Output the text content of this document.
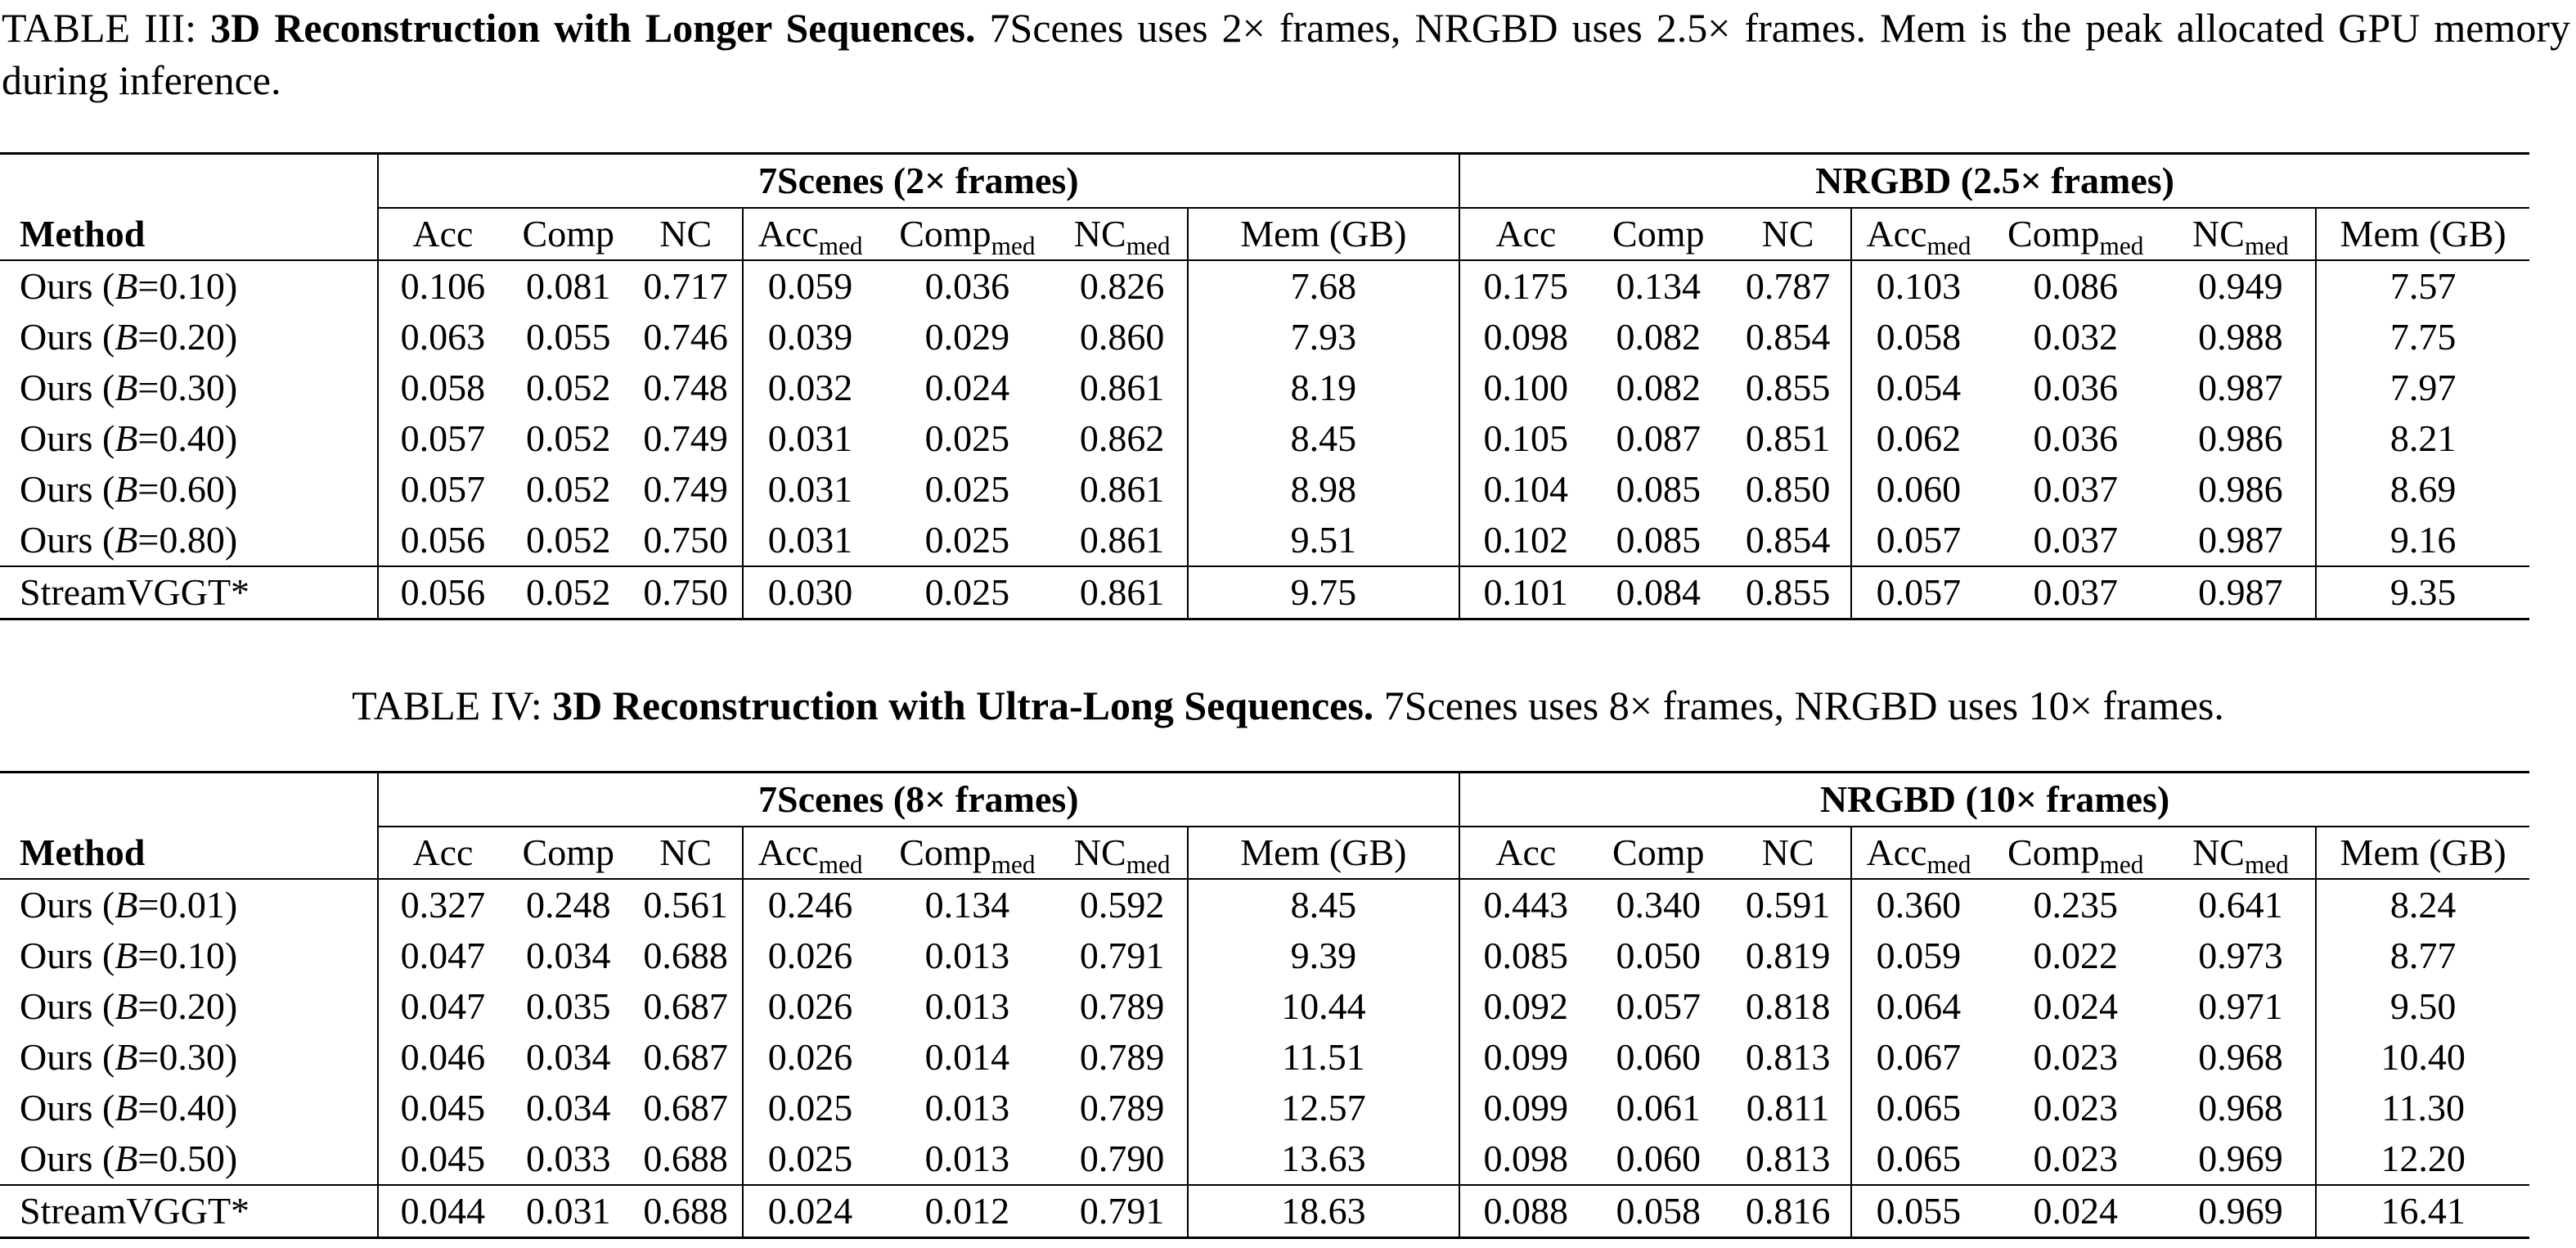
TABLE III: 3D Reconstruction with Longer Sequences. 7Scenes uses 2× frames, NRGBD uses 2.5× frames. Mem is the peak allocated GPU memory during inference.
	7Scenes (2× frames)							NRGBD (2.5× frames)						
Method	Acc	Comp	NC	Acc$_{med}$	Comp$_{med}$	$NC_{med}$	Mem (GB)	Acc	Comp	NC	Acc$_{med}$	Comp$_{med}$	$NC_{med}$	Mem (GB)
Ours (B=0.10)	0.106	0.081	0.717	0.059	0.036	0.826	7.68	0.175	0.134	0.787	0.103	0.086	0.949	7.57
Ours (B=0.20)	0.063	0.055	0.746	0.039	0.029	0.860	7.93	0.098	0.082	0.854	0.058	0.032	0.988	7.75
Ours (B=0.30)	0.058	0.052	0.748	0.032	0.024	0.861	8.19	0.100	0.082	0.855	0.054	0.036	0.987	7.97
Ours (B=0.40)	0.057	0.052	0.749	0.031	0.025	0.862	8.45	0.105	0.087	0.851	0.062	0.036	0.986	8.21
Ours (B=0.60)	0.057	0.052	0.749	0.031	0.025	0.861	8.98	0.104	0.085	0.850	0.060	0.037	0.986	8.69
Ours (B=0.80)	0.056	0.052	0.750	0.031	0.025	0.861	9.51	0.102	0.085	0.854	0.057	0.037	0.987	9.16
StreamVGGT*	0.056	0.052	0.750	0.030	0.025	0.861	9.75	0.101	0.084	0.855	0.057	0.037	0.987	9.35
TABLE IV: 3D Reconstruction with Ultra-Long Sequences. 7Scenes uses 8× frames, NRGBD uses 10× frames.
	7Scenes (8× frames)							NRGBD (10× frames)						
Method	Acc	Comp	NC	Acc$_{med}$	Comp$_{med}$	$NC_{med}$	Mem (GB)	Acc	Comp	NC	Acc$_{med}$	Comp$_{med}$	$NC_{med}$	Mem (GB)
Ours (B=0.01)	0.327	0.248	0.561	0.246	0.134	0.592	8.45	0.443	0.340	0.591	0.360	0.235	0.641	8.24
Ours (B=0.10)	0.047	0.034	0.688	0.026	0.013	0.791	9.39	0.085	0.050	0.819	0.059	0.022	0.973	8.77
Ours (B=0.20)	0.047	0.035	0.687	0.026	0.013	0.789	10.44	0.092	0.057	0.818	0.064	0.024	0.971	9.50
Ours (B=0.30)	0.046	0.034	0.687	0.026	0.014	0.789	11.51	0.099	0.060	0.813	0.067	0.023	0.968	10.40
Ours (B=0.40)	0.045	0.034	0.687	0.025	0.013	0.789	12.57	0.099	0.061	0.811	0.065	0.023	0.968	11.30
Ours (B=0.50)	0.045	0.033	0.688	0.025	0.013	0.790	13.63	0.098	0.060	0.813	0.065	0.023	0.969	12.20
StreamVGGT*	0.044	0.031	0.688	0.024	0.012	0.791	18.63	0.088	0.058	0.816	0.055	0.024	0.969	16.41
